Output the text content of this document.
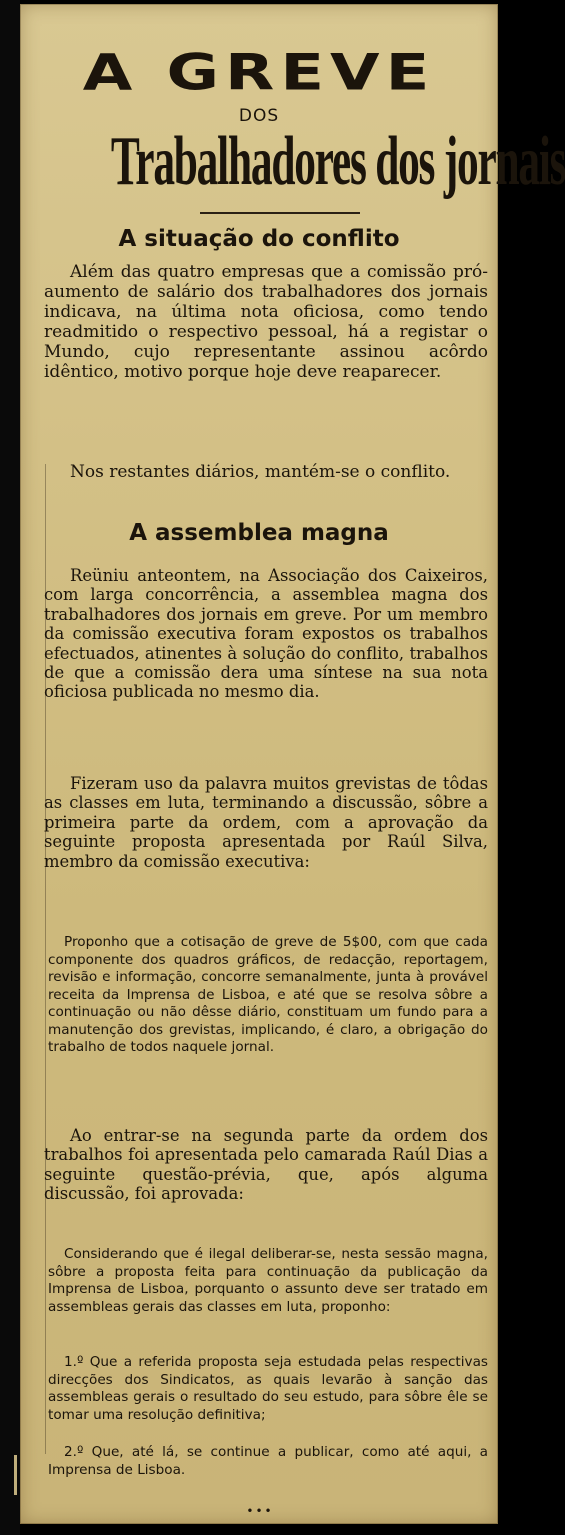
A GREVE
DOS
Trabalhadores dos jornais
A situação do conflito

Além das quatro empresas que a comissão pró-aumento de salário dos trabalhadores dos jornais indicava, na última nota oficiosa, como tendo readmitido o respectivo pessoal, há a registar o Mundo, cujo representante assinou acôrdo idêntico, motivo porque hoje deve reaparecer.

Nos restantes diários, mantém-se o conflito.

A assemblea magna

Reüniu anteontem, na Associação dos Caixeiros, com larga concorrência, a assemblea magna dos trabalhadores dos jornais em greve. Por um membro da comissão executiva foram expostos os trabalhos efectuados, atinentes à solução do conflito, trabalhos de que a comissão dera uma síntese na sua nota oficiosa publicada no mesmo dia.

Fizeram uso da palavra muitos grevistas de tôdas as classes em luta, terminando a discussão, sôbre a primeira parte da ordem, com a aprovação da seguinte proposta apresentada por Raúl Silva, membro da comissão executiva:

Proponho que a cotisação de greve de 5$00, com que cada componente dos quadros gráficos, de redacção, reportagem, revisão e informação, concorre semanalmente, junta à provável receita da Imprensa de Lisboa, e até que se resolva sôbre a continuação ou não dêsse diário, constituam um fundo para a manutenção dos grevistas, implicando, é claro, a obrigação do trabalho de todos naquele jornal.

Ao entrar-se na segunda parte da ordem dos trabalhos foi apresentada pelo camarada Raúl Dias a seguinte questão-prévia, que, após alguma discussão, foi aprovada:

Considerando que é ilegal deliberar-se, nesta sessão magna, sôbre a proposta feita para continuação da publicação da Imprensa de Lisboa, porquanto o assunto deve ser tratado em assembleas gerais das classes em luta, proponho:

1.º Que a referida proposta seja estudada pelas respectivas direcções dos Sindicatos, as quais levarão à sanção das assembleas gerais o resultado do seu estudo, para sôbre êle se tomar uma resolução definitiva;

2.º Que, até lá, se continue a publicar, como até aqui, a Imprensa de Lisboa.

•••
